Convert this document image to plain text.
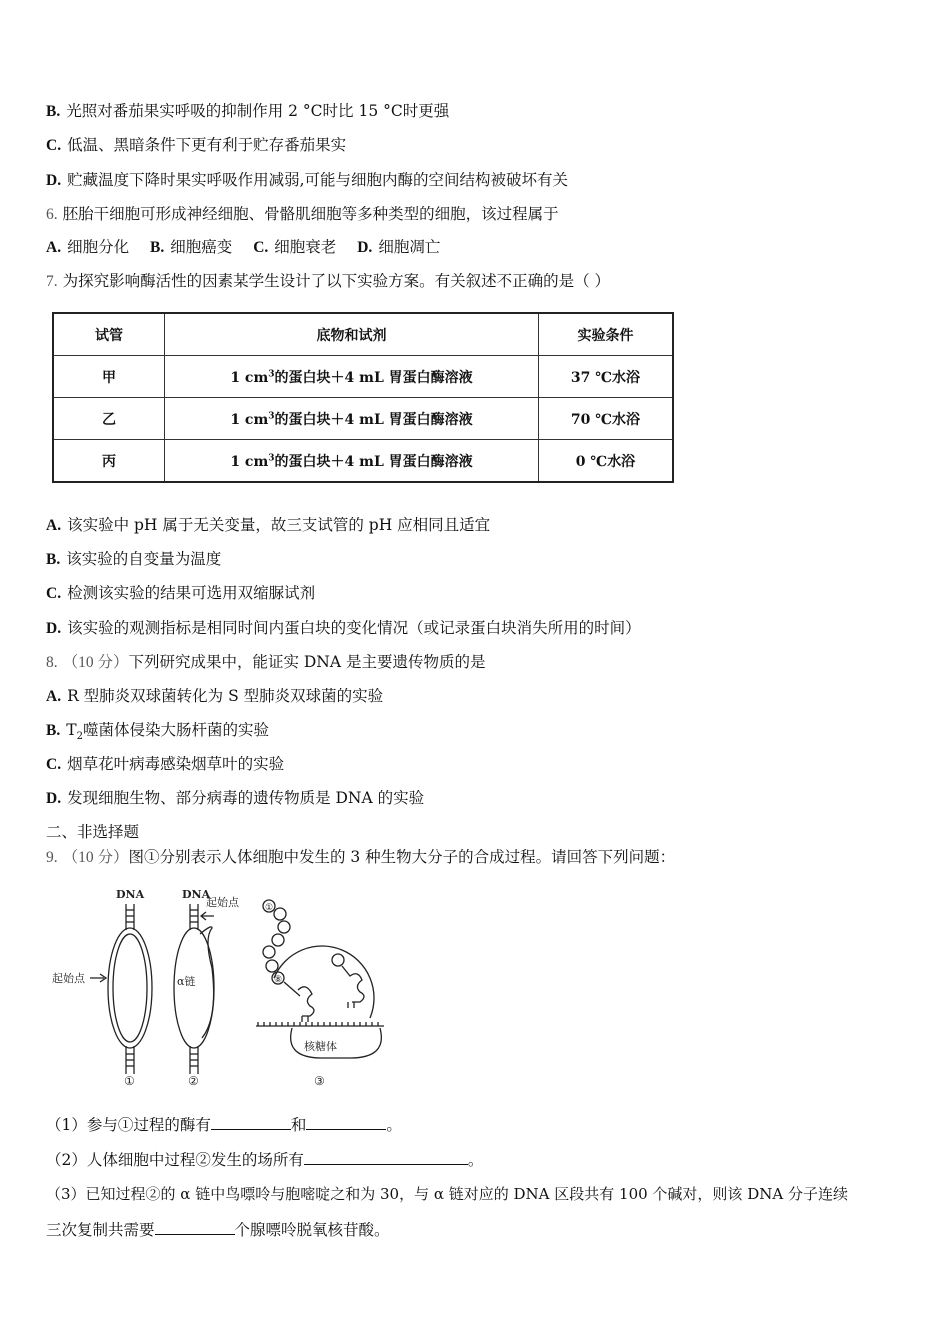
B. 光照对番茄果实呼吸的抑制作用 2 °C时比 15 °C时更强
C. 低温、黑暗条件下更有利于贮存番茄果实
D. 贮藏温度下降时果实呼吸作用减弱,可能与细胞内酶的空间结构被破坏有关
6. 胚胎干细胞可形成神经细胞、骨骼肌细胞等多种类型的细胞，该过程属于
A. 细胞分化 B. 细胞癌变 C. 细胞衰老 D. 细胞凋亡
7. 为探究影响酶活性的因素某学生设计了以下实验方案。有关叙述不正确的是（ ）
试管	底物和试剂	实验条件
甲	1 $cm^3$的蛋白块＋4 mL 胃蛋白酶溶液	37 ℃水浴
乙	1 $cm^3$的蛋白块＋4 mL 胃蛋白酶溶液	70 ℃水浴
丙	1 $cm^3$的蛋白块＋4 mL 胃蛋白酶溶液	0 ℃水浴
A. 该实验中 pH 属于无关变量，故三支试管的 pH 应相同且适宜
B. 该实验的自变量为温度
C. 检测该实验的结果可选用双缩脲试剂
D. 该实验的观测指标是相同时间内蛋白块的变化情况（或记录蛋白块消失所用的时间）
8. （10 分）下列研究成果中，能证实 DNA 是主要遗传物质的是
A. R 型肺炎双球菌转化为 S 型肺炎双球菌的实验
B. $T_2$噬菌体侵染大肠杆菌的实验
C. 烟草花叶病毒感染烟草叶的实验
D. 发现细胞生物、部分病毒的遗传物质是 DNA 的实验
二、非选择题
9. （10 分）图①分别表示人体细胞中发生的 3 种生物大分子的合成过程。请回答下列问题：
DNA
起始点
①
DNA
起始点
α链
②
核糖体
①
⑧
③
（1）参与①过程的酶有	和	。
（2）人体细胞中过程②发生的场所有	。
（3）已知过程②的 α 链中鸟嘌呤与胞嘧啶之和为 30，与 α 链对应的 DNA 区段共有 100 个碱对，则该 DNA 分子连续
三次复制共需要	个腺嘌呤脱氧核苷酸。
